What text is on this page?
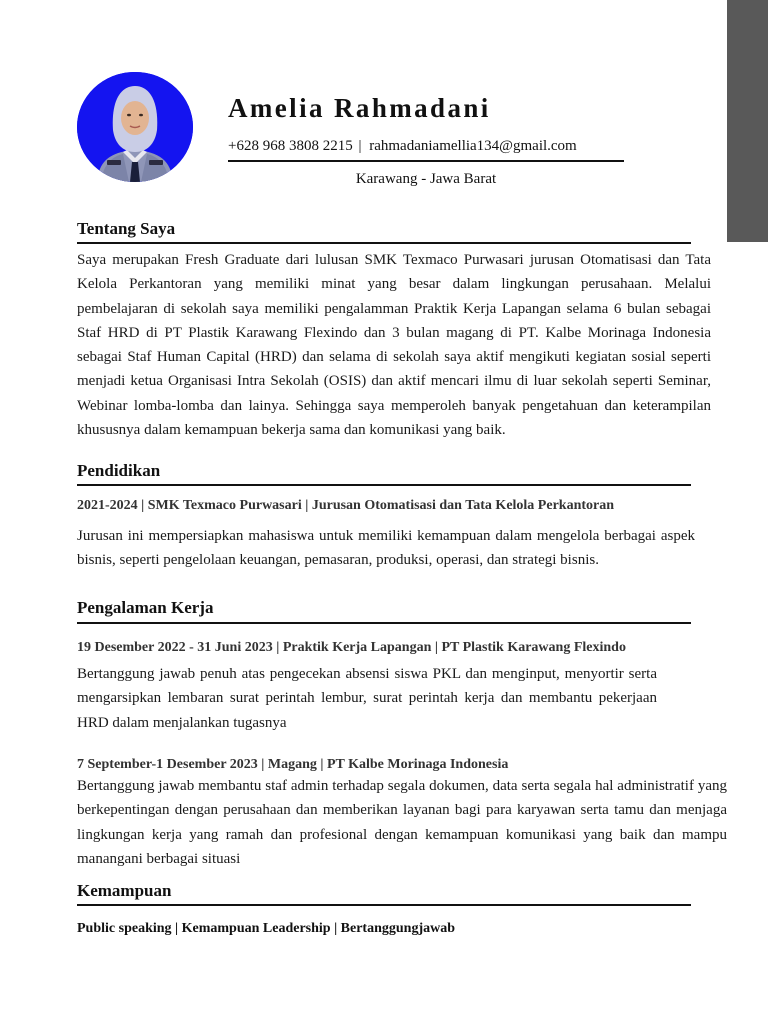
Amelia Rahmadani
+628 968 3808 2215 | rahmadaniamellia134@gmail.com
Karawang - Jawa Barat
Tentang Saya
Saya merupakan Fresh Graduate dari lulusan SMK Texmaco Purwasari jurusan Otomatisasi dan Tata Kelola Perkantoran yang memiliki minat yang besar dalam lingkungan perusahaan. Melalui pembelajaran di sekolah saya memiliki pengalamman Praktik Kerja Lapangan selama 6 bulan sebagai Staf HRD di PT Plastik Karawang Flexindo dan 3 bulan magang di PT. Kalbe Morinaga Indonesia sebagai Staf Human Capital (HRD) dan selama di sekolah saya aktif mengikuti kegiatan sosial seperti menjadi ketua Organisasi Intra Sekolah (OSIS) dan aktif mencari ilmu di luar sekolah seperti Seminar, Webinar lomba-lomba dan lainya. Sehingga saya memperoleh banyak pengetahuan dan keterampilan khususnya dalam kemampuan bekerja sama dan komunikasi yang baik.
Pendidikan
2021-2024 | SMK Texmaco Purwasari | Jurusan Otomatisasi dan Tata Kelola Perkantoran
Jurusan ini mempersiapkan mahasiswa untuk memiliki kemampuan dalam mengelola berbagai aspek bisnis, seperti pengelolaan keuangan, pemasaran, produksi, operasi, dan strategi bisnis.
Pengalaman Kerja
19 Desember 2022 - 31 Juni 2023 | Praktik Kerja Lapangan | PT Plastik Karawang Flexindo
Bertanggung jawab penuh atas pengecekan absensi siswa PKL dan menginput, menyortir serta mengarsipkan lembaran surat perintah lembur, surat perintah kerja dan membantu pekerjaan HRD dalam menjalankan tugasnya
7 September-1 Desember 2023 | Magang | PT Kalbe Morinaga Indonesia
Bertanggung jawab membantu staf admin terhadap segala dokumen, data serta segala hal administratif yang berkepentingan dengan perusahaan dan memberikan layanan bagi para karyawan serta tamu dan menjaga lingkungan kerja yang ramah dan profesional dengan kemampuan komunikasi yang baik dan mampu manangani berbagai situasi
Kemampuan
Public speaking | Kemampuan Leadership | Bertanggungjawab
